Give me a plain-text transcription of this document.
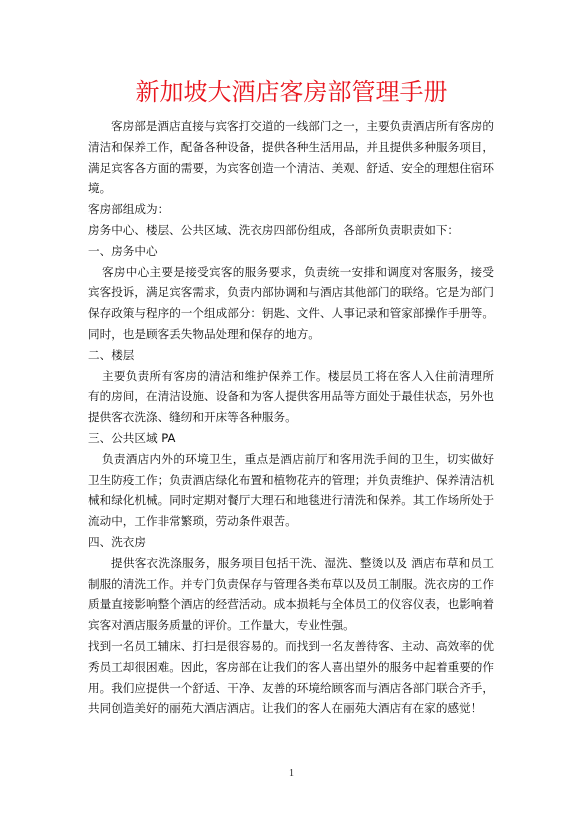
新加坡大酒店客房部管理手册

客房部是酒店直接与宾客打交道的一线部门之一，主要负责酒店所有客房的清洁和保养工作，配备各种设备，提供各种生活用品，并且提供多种服务项目，满足宾客各方面的需要，为宾客创造一个清洁、美观、舒适、安全的理想住宿环境。

客房部组成为：

房务中心、楼层、公共区域、洗衣房四部份组成，各部所负责职责如下：

一、房务中心

客房中心主要是接受宾客的服务要求，负责统一安排和调度对客服务，接受宾客投诉，满足宾客需求，负责内部协调和与酒店其他部门的联络。它是为部门保存政策与程序的一个组成部分：钥匙、文件、人事记录和管家部操作手册等。同时，也是顾客丢失物品处理和保存的地方。

二、楼层

主要负责所有客房的清洁和维护保养工作。楼层员工将在客人入住前清理所有的房间，在清洁设施、设备和为客人提供客用品等方面处于最佳状态，另外也提供客衣洗涤、缝纫和开床等各种服务。

三、公共区域 PA

负责酒店内外的环境卫生，重点是酒店前厅和客用洗手间的卫生，切实做好卫生防疫工作；负责酒店绿化布置和植物花卉的管理；并负责维护、保养清洁机械和绿化机械。同时定期对餐厅大理石和地毯进行清洗和保养。其工作场所处于流动中，工作非常繁琐，劳动条件艰苦。

四、洗衣房

提供客衣洗涤服务，服务项目包括干洗、湿洗、整烫以及 酒店布草和员工制服的清洗工作。并专门负责保存与管理各类布草以及员工制服。洗衣房的工作质量直接影响整个酒店的经营活动。成本损耗与全体员工的仪容仪表，也影响着宾客对酒店服务质量的评价。工作量大，专业性强。

找到一名员工辅床、打扫是很容易的。而找到一名友善待客、主动、高效率的优秀员工却很困难。因此，客房部在让我们的客人喜出望外的服务中起着重要的作用。我们应提供一个舒适、干净、友善的环境给顾客而与酒店各部门联合齐手，共同创造美好的丽苑大酒店酒店。让我们的客人在丽苑大酒店有在家的感觉！

1
